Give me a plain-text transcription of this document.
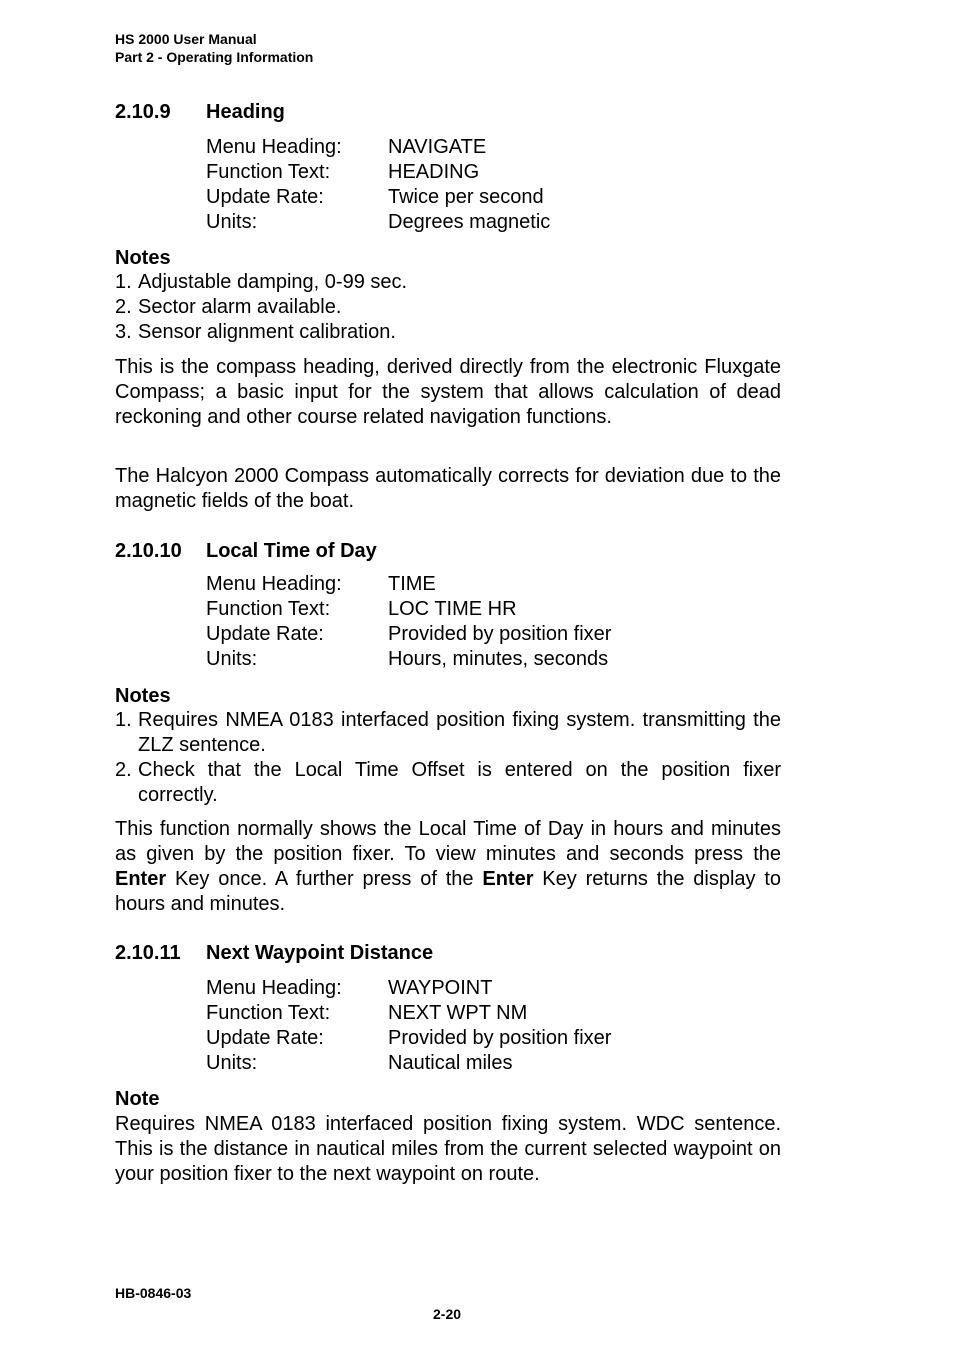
HS 2000 User Manual
Part 2 - Operating Information
2.10.9 Heading
Menu Heading:	NAVIGATE
Function Text:	HEADING
Update Rate:	Twice per second
Units:	Degrees magnetic
Notes
1. Adjustable damping, 0-99 sec.
2. Sector alarm available.
3. Sensor alignment calibration.

This is the compass heading, derived directly from the electronic Fluxgate Compass; a basic input for the system that allows calculation of dead reckoning and other course related navigation functions.

The Halcyon 2000 Compass automatically corrects for deviation due to the magnetic fields of the boat.

2.10.10 Local Time of Day
Menu Heading:	TIME
Function Text:	LOC TIME HR
Update Rate:	Provided by position fixer
Units:	Hours, minutes, seconds
Notes
1. Requires NMEA 0183 interfaced position fixing system. transmitting the ZLZ sentence.
2. Check that the Local Time Offset is entered on the position fixer correctly.

This function normally shows the Local Time of Day in hours and minutes as given by the position fixer. To view minutes and seconds press the Enter Key once. A further press of the Enter Key returns the display to hours and minutes.

2.10.11 Next Waypoint Distance
Menu Heading:	WAYPOINT
Function Text:	NEXT WPT NM
Update Rate:	Provided by position fixer
Units:	Nautical miles
Note

Requires NMEA 0183 interfaced position fixing system. WDC sentence. This is the distance in nautical miles from the current selected waypoint on your position fixer to the next waypoint on route.

HB-0846-03
2-20
